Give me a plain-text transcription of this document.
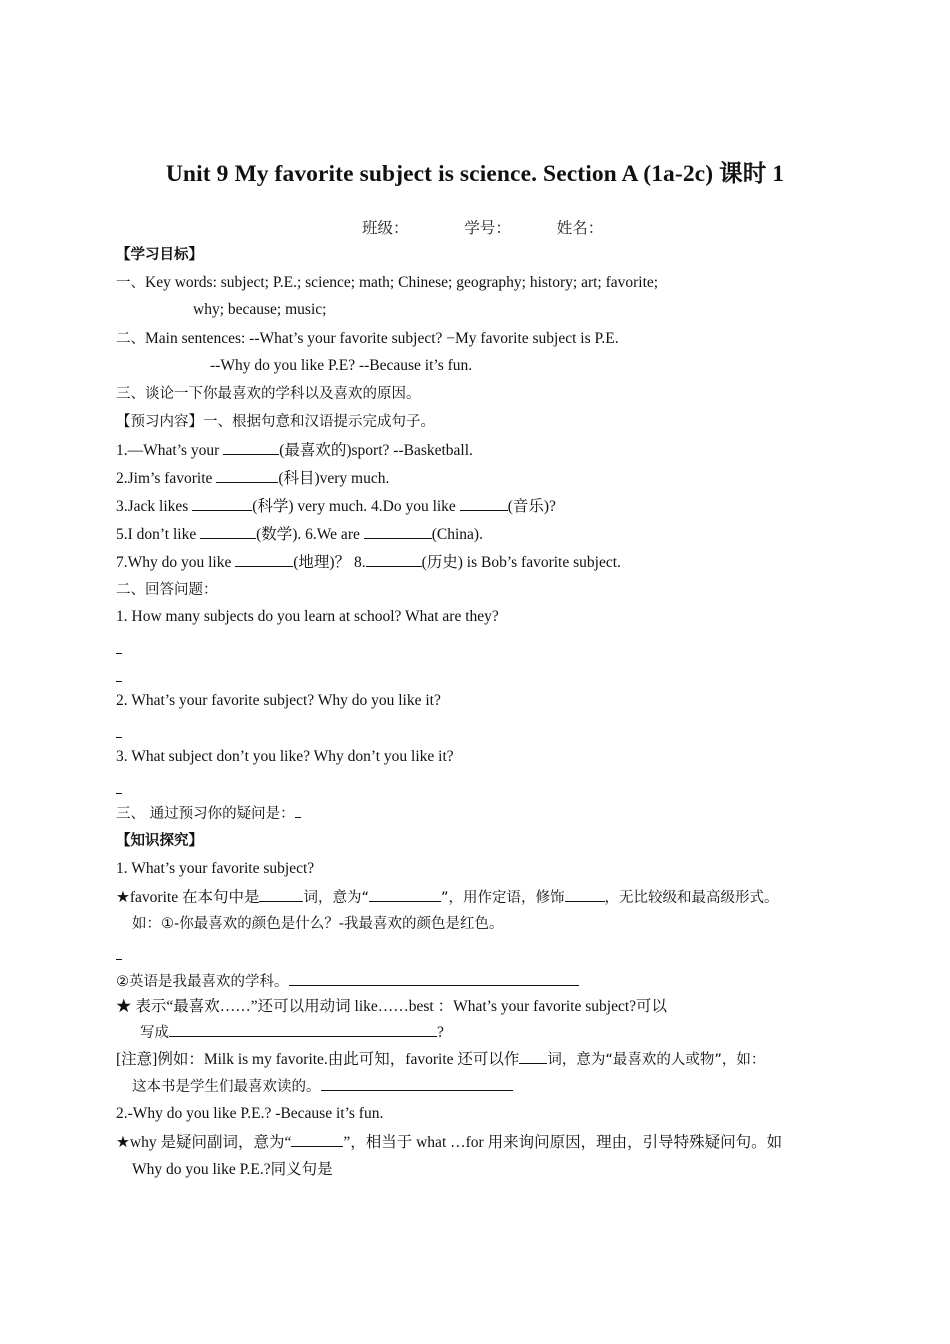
Unit 9 My favorite subject is science. Section A (1a-2c) 课时 1
班级：	学号：	姓名：
【学习目标】
一、Key words: subject; P.E.; science; math; Chinese; geography; history; art; favorite;
why; because; music;
二、Main sentences: --What’s your favorite subject? −My favorite subject is P.E.
--Why do you like P.E? --Because it’s fun.
三、谈论一下你最喜欢的学科以及喜欢的原因。
【预习内容】一、根据句意和汉语提示完成句子。
1.—What’s your	(最喜欢的)sport? --Basketball.
2.Jim’s favorite	(科目)very much.
3.Jack likes	(科学) very much. 4.Do you like	(音乐)?
5.I don’t like	(数学). 6.We are	(China).
7.Why do you like	(地理)？ 8.	(历史) is Bob’s favorite subject.
二、回答问题：
1. How many subjects do you learn at school? What are they?
2. What’s your favorite subject? Why do you like it?
3. What subject don’t you like? Why don’t you like it?
三、 通过预习你的疑问是：
【知识探究】
1. What’s your favorite subject?
★favorite 在本句中是	词，意为“	”，用作定语，修饰	，无比较级和最高级形式。
如：①-你最喜欢的颜色是什么？-我最喜欢的颜色是红色。
②英语是我最喜欢的学科。
★ 表示“最喜欢……”还可以用动词 like……best ：What’s your favorite subject?可以
写成	?
[注意]例如：Milk is my favorite.由此可知，favorite 还可以作 词，意为“最喜欢的人或物”，如：
这本书是学生们最喜欢读的。
2.-Why do you like P.E.? -Because it’s fun.
★why 是疑问副词，意为“	”，相当于 what …for 用来询问原因，理由，引导特殊疑问句。如
Why do you like P.E.?同义句是
